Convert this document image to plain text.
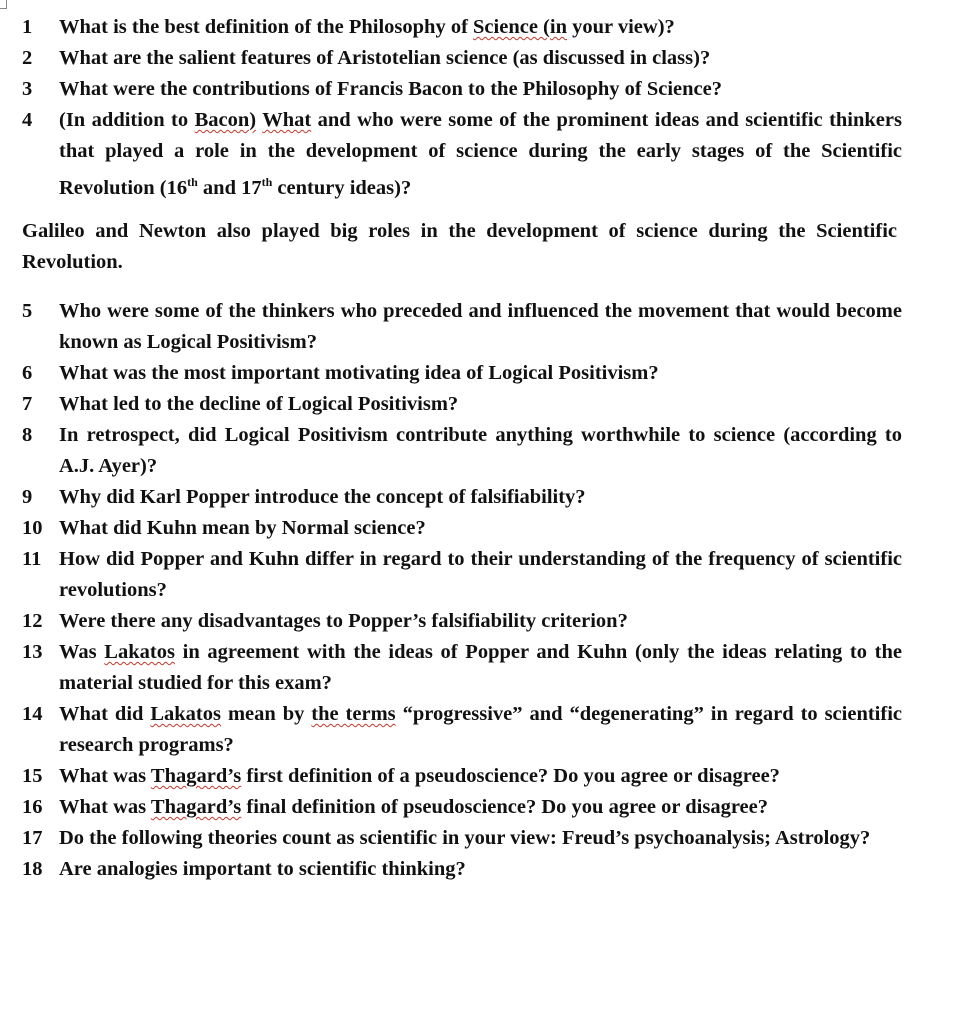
1	What is the best definition of the Philosophy of Science (in your view)?
2	What are the salient features of Aristotelian science (as discussed in class)?
3	What were the contributions of Francis Bacon to the Philosophy of Science?
4	(In addition to Bacon) What and who were some of the prominent ideas and scientific thinkers that played a role in the development of science during the early stages of the Scientific Revolution (16th and 17th century ideas)?

Galileo and Newton also played big roles in the development of science during the Scientific Revolution.

5	Who were some of the thinkers who preceded and influenced the movement that would become known as Logical Positivism?
6	What was the most important motivating idea of Logical Positivism?
7	What led to the decline of Logical Positivism?
8	In retrospect, did Logical Positivism contribute anything worthwhile to science (according to A.J. Ayer)?
9	Why did Karl Popper introduce the concept of falsifiability?
10 What did Kuhn mean by Normal science?
11 How did Popper and Kuhn differ in regard to their understanding of the frequency of scientific revolutions?
12 Were there any disadvantages to Popper’s falsifiability criterion?
13 Was Lakatos in agreement with the ideas of Popper and Kuhn (only the ideas relating to the material studied for this exam?
14 What did Lakatos mean by the terms “progressive” and “degenerating” in regard to scientific research programs?
15 What was Thagard’s first definition of a pseudoscience? Do you agree or disagree?
16 What was Thagard’s final definition of pseudoscience? Do you agree or disagree?
17 Do the following theories count as scientific in your view: Freud’s psychoanalysis; Astrology?
18 Are analogies important to scientific thinking?
